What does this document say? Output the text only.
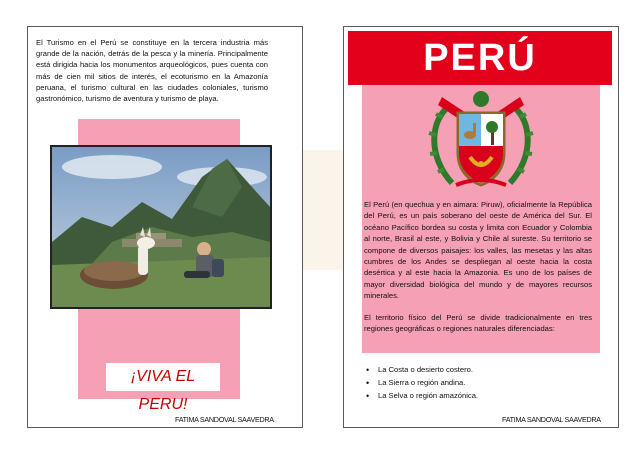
El Turismo en el Perú se constituye en la tercera industria más grande de la nación, detrás de la pesca y la minería. Principalmente está dirigida hacia los monumentos arqueológicos, pues cuenta con más de cien mil sitios de interés, el ecoturismo en la Amazonía peruana, el turismo cultural en las ciudades coloniales, turismo gastronómico, turismo de aventura y turismo de playa.
¡VIVA EL PERU!
FATIMA SANDOVAL SAAVEDRA
PERÚ

El Perú (en quechua y en aimara: Piruw), oficialmente la República del Perú, es un país soberano del oeste de América del Sur. El océano Pacífico bordea su costa y limita con Ecuador y Colombia al norte, Brasil al este, y Bolivia y Chile al sureste. Su territorio se compone de diversos paisajes: los valles, las mesetas y las altas cumbres de los Andes se despliegan al oeste hacia la costa desértica y al este hacia la Amazonia. Es uno de los países de mayor diversidad biológica del mundo y de mayores recursos minerales.

El territorio físico del Perú se divide tradicionalmente en tres regiones geográficas o regiones naturales diferenciadas:

• La Costa o desierto costero.
• La Sierra o región andina.
• La Selva o región amazónica.
FATIMA SANDOVAL SAAVEDRA
